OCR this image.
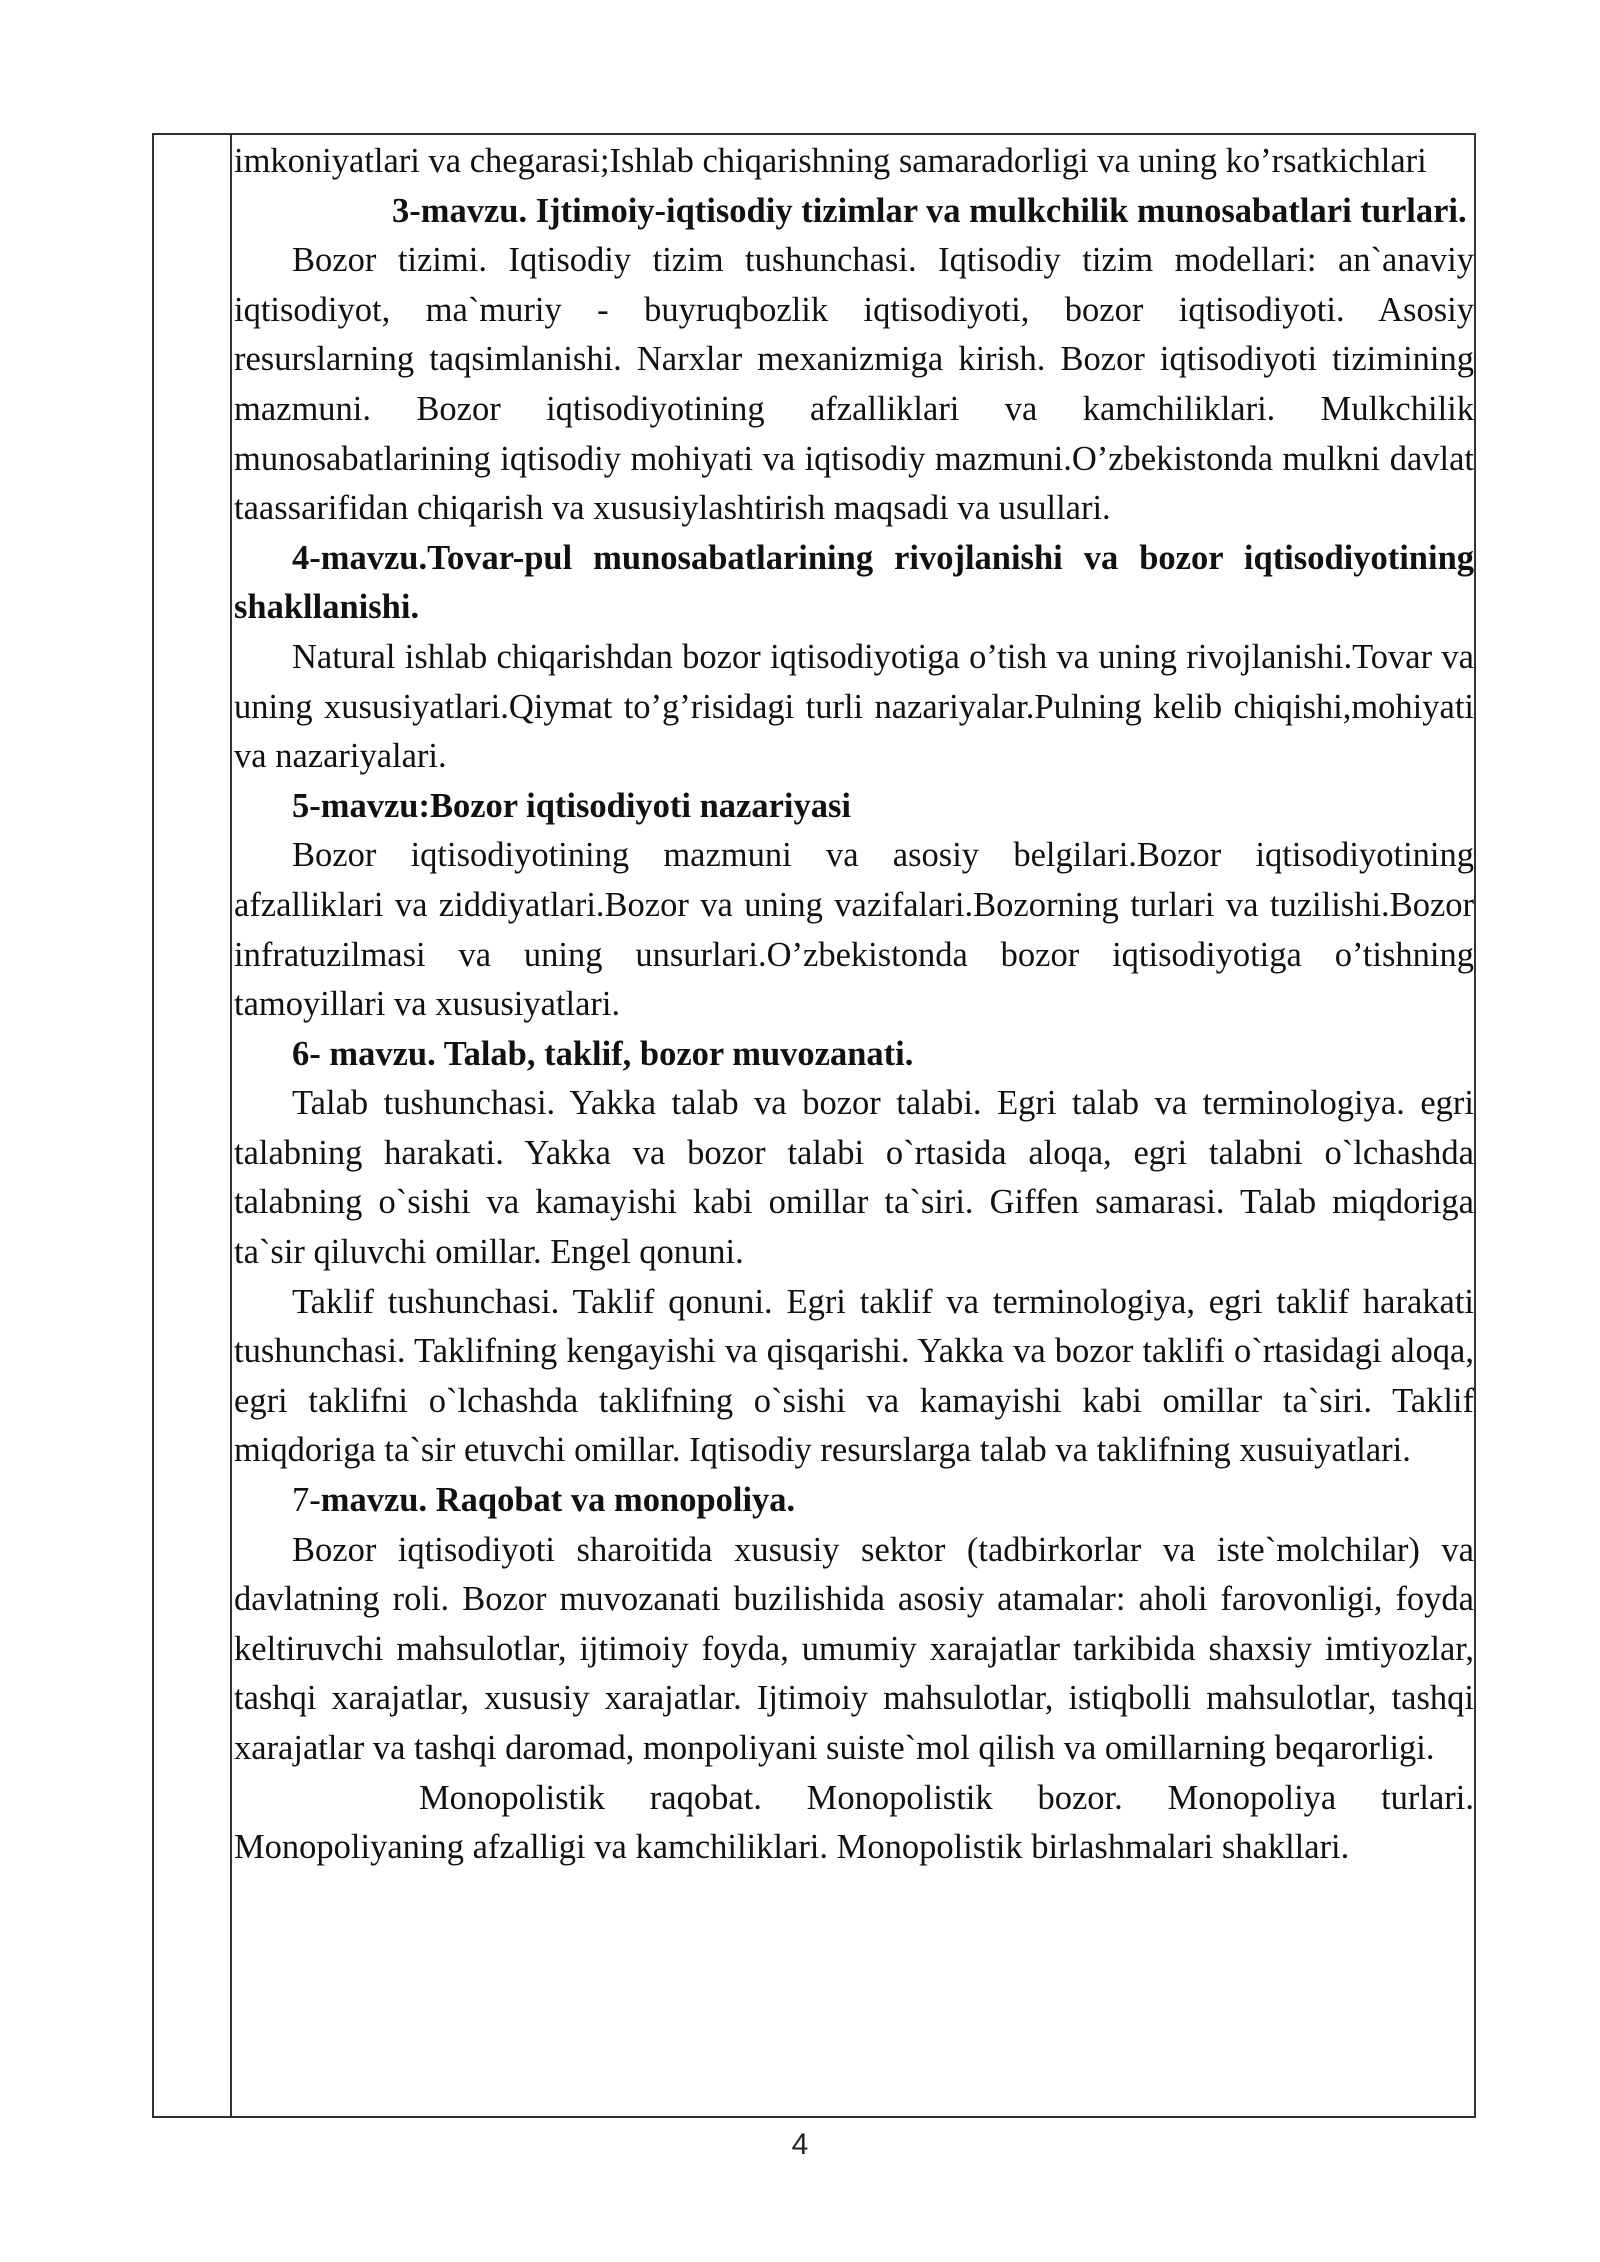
imkoniyatlari va chegarasi;Ishlab chiqarishning samaradorligi va uning ko’rsatkichlari

3-mavzu. Ijtimoiy-iqtisodiy tizimlar va mulkchilik munosabatlari turlari.

Bozor tizimi. Iqtisodiy tizim tushunchasi. Iqtisodiy tizim modellari: an`anaviy iqtisodiyot, ma`muriy - buyruqbozlik iqtisodiyoti, bozor iqtisodiyoti. Asosiy resurslarning taqsimlanishi. Narxlar mexanizmiga kirish. Bozor iqtisodiyoti tizimining mazmuni. Bozor iqtisodiyotining afzalliklari va kamchiliklari. Mulkchilik munosabatlarining iqtisodiy mohiyati va iqtisodiy mazmuni.O’zbekistonda mulkni davlat taassarifidan chiqarish va xususiylashtirish maqsadi va usullari.

4-mavzu.Tovar-pul munosabatlarining rivojlanishi va bozor iqtisodiyotining shakllanishi.

Natural ishlab chiqarishdan bozor iqtisodiyotiga o’tish va uning rivojlanishi.Tovar va uning xususiyatlari.Qiymat to’g’risidagi turli nazariyalar.Pulning kelib chiqishi,mohiyati va nazariyalari.

5-mavzu:Bozor iqtisodiyoti nazariyasi

Bozor iqtisodiyotining mazmuni va asosiy belgilari.Bozor iqtisodiyotining afzalliklari va ziddiyatlari.Bozor va uning vazifalari.Bozorning turlari va tuzilishi.Bozor infratuzilmasi va uning unsurlari.O’zbekistonda bozor iqtisodiyotiga o’tishning tamoyillari va xususiyatlari.

6- mavzu. Talab, taklif, bozor muvozanati.

Talab tushunchasi. Yakka talab va bozor talabi. Egri talab va terminologiya. egri talabning harakati. Yakka va bozor talabi o`rtasida aloqa, egri talabni o`lchashda talabning o`sishi va kamayishi kabi omillar ta`siri. Giffen samarasi. Talab miqdoriga ta`sir qiluvchi omillar. Engel qonuni.

Taklif tushunchasi. Taklif qonuni. Egri taklif va terminologiya, egri taklif harakati tushunchasi. Taklifning kengayishi va qisqarishi. Yakka va bozor taklifi o`rtasidagi aloqa, egri taklifni o`lchashda taklifning o`sishi va kamayishi kabi omillar ta`siri. Taklif miqdoriga ta`sir etuvchi omillar. Iqtisodiy resurslarga talab va taklifning xusuiyatlari.

7-mavzu. Raqobat va monopoliya.

Bozor iqtisodiyoti sharoitida xususiy sektor (tadbirkorlar va iste`molchilar) va davlatning roli. Bozor muvozanati buzilishida asosiy atamalar: aholi farovonligi, foyda keltiruvchi mahsulotlar, ijtimoiy foyda, umumiy xarajatlar tarkibida shaxsiy imtiyozlar, tashqi xarajatlar, xususiy xarajatlar. Ijtimoiy mahsulotlar, istiqbolli mahsulotlar, tashqi xarajatlar va tashqi daromad, monpoliyani suiste`mol qilish va omillarning beqarorligi.

Monopolistik raqobat. Monopolistik bozor. Monopoliya turlari. Monopoliyaning afzalligi va kamchiliklari. Monopolistik birlashmalari shakllari.

4
